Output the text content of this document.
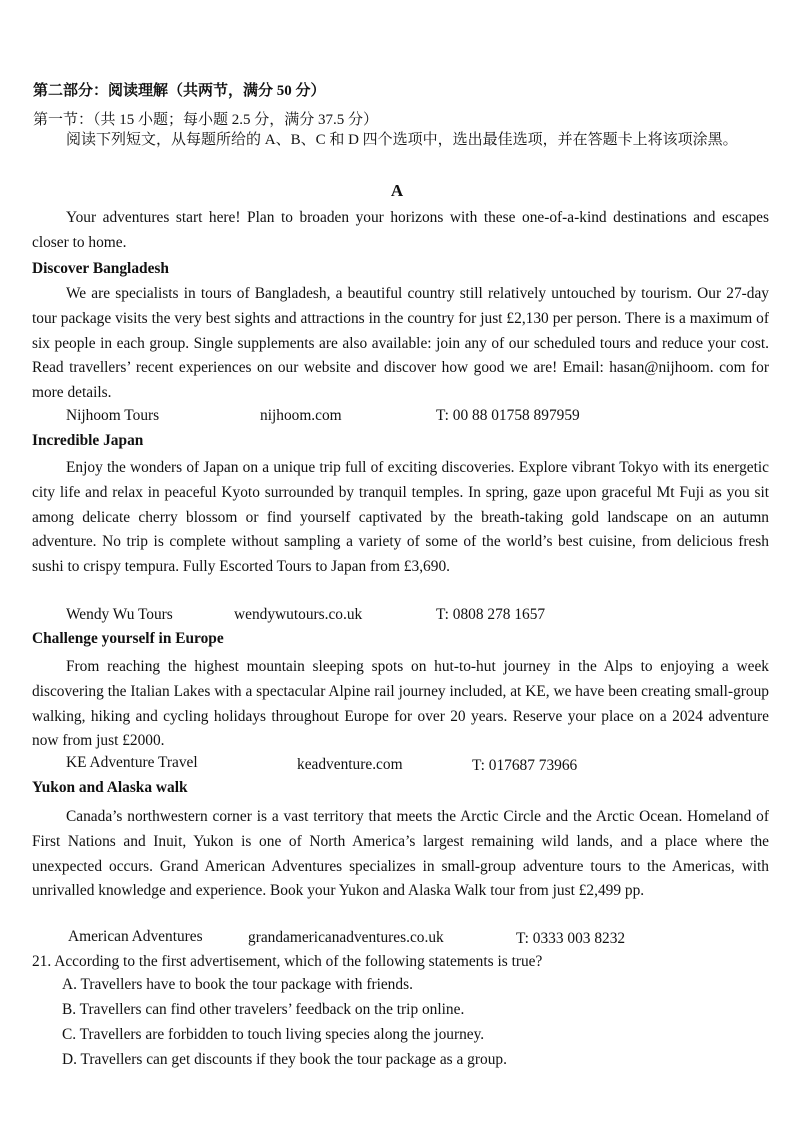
第二部分：阅读理解（共两节，满分 50 分）
第一节：（共 15 小题；每小题 2.5 分，满分 37.5 分）

阅读下列短文，从每题所给的 A、B、C 和 D 四个选项中，选出最佳选项，并在答题卡上将该项涂黑。

A

Your adventures start here! Plan to broaden your horizons with these one-of-a-kind destinations and escapes closer to home.

Discover Bangladesh

We are specialists in tours of Bangladesh, a beautiful country still relatively untouched by tourism. Our 27-day tour package visits the very best sights and attractions in the country for just £2,130 per person. There is a maximum of six people in each group. Single supplements are also available: join any of our scheduled tours and reduce your cost. Read travellers’ recent experiences on our website and discover how good we are! Email: hasan@nijhoom. com for more details.

Nijhoom Tours	nijhoom.com	T: 00 88 01758 897959
Incredible Japan

Enjoy the wonders of Japan on a unique trip full of exciting discoveries. Explore vibrant Tokyo with its energetic city life and relax in peaceful Kyoto surrounded by tranquil temples. In spring, gaze upon graceful Mt Fuji as you sit among delicate cherry blossom or find yourself captivated by the breath-taking gold landscape on an autumn adventure. No trip is complete without sampling a variety of some of the world’s best cuisine, from delicious fresh sushi to crispy tempura. Fully Escorted Tours to Japan from £3,690.

Wendy Wu Tours	wendywutours.co.uk	T: 0808 278 1657
Challenge yourself in Europe

From reaching the highest mountain sleeping spots on hut-to-hut journey in the Alps to enjoying a week discovering the Italian Lakes with a spectacular Alpine rail journey included, at KE, we have been creating small-group walking, hiking and cycling holidays throughout Europe for over 20 years. Reserve your place on a 2024 adventure now from just £2000.

KE Adventure Travel	keadventure.com	T: 017687 73966
Yukon and Alaska walk

Canada’s northwestern corner is a vast territory that meets the Arctic Circle and the Arctic Ocean. Homeland of First Nations and Inuit, Yukon is one of North America’s largest remaining wild lands, and a place where the unexpected occurs. Grand American Adventures specializes in small-group adventure tours to the Americas, with unrivalled knowledge and experience. Book your Yukon and Alaska Walk tour from just £2,499 pp.

American Adventures	grandamericanadventures.co.uk	T: 0333 003 8232
21. According to the first advertisement, which of the following statements is true?
A. Travellers have to book the tour package with friends.
B. Travellers can find other travelers’ feedback on the trip online.
C. Travellers are forbidden to touch living species along the journey.
D. Travellers can get discounts if they book the tour package as a group.
